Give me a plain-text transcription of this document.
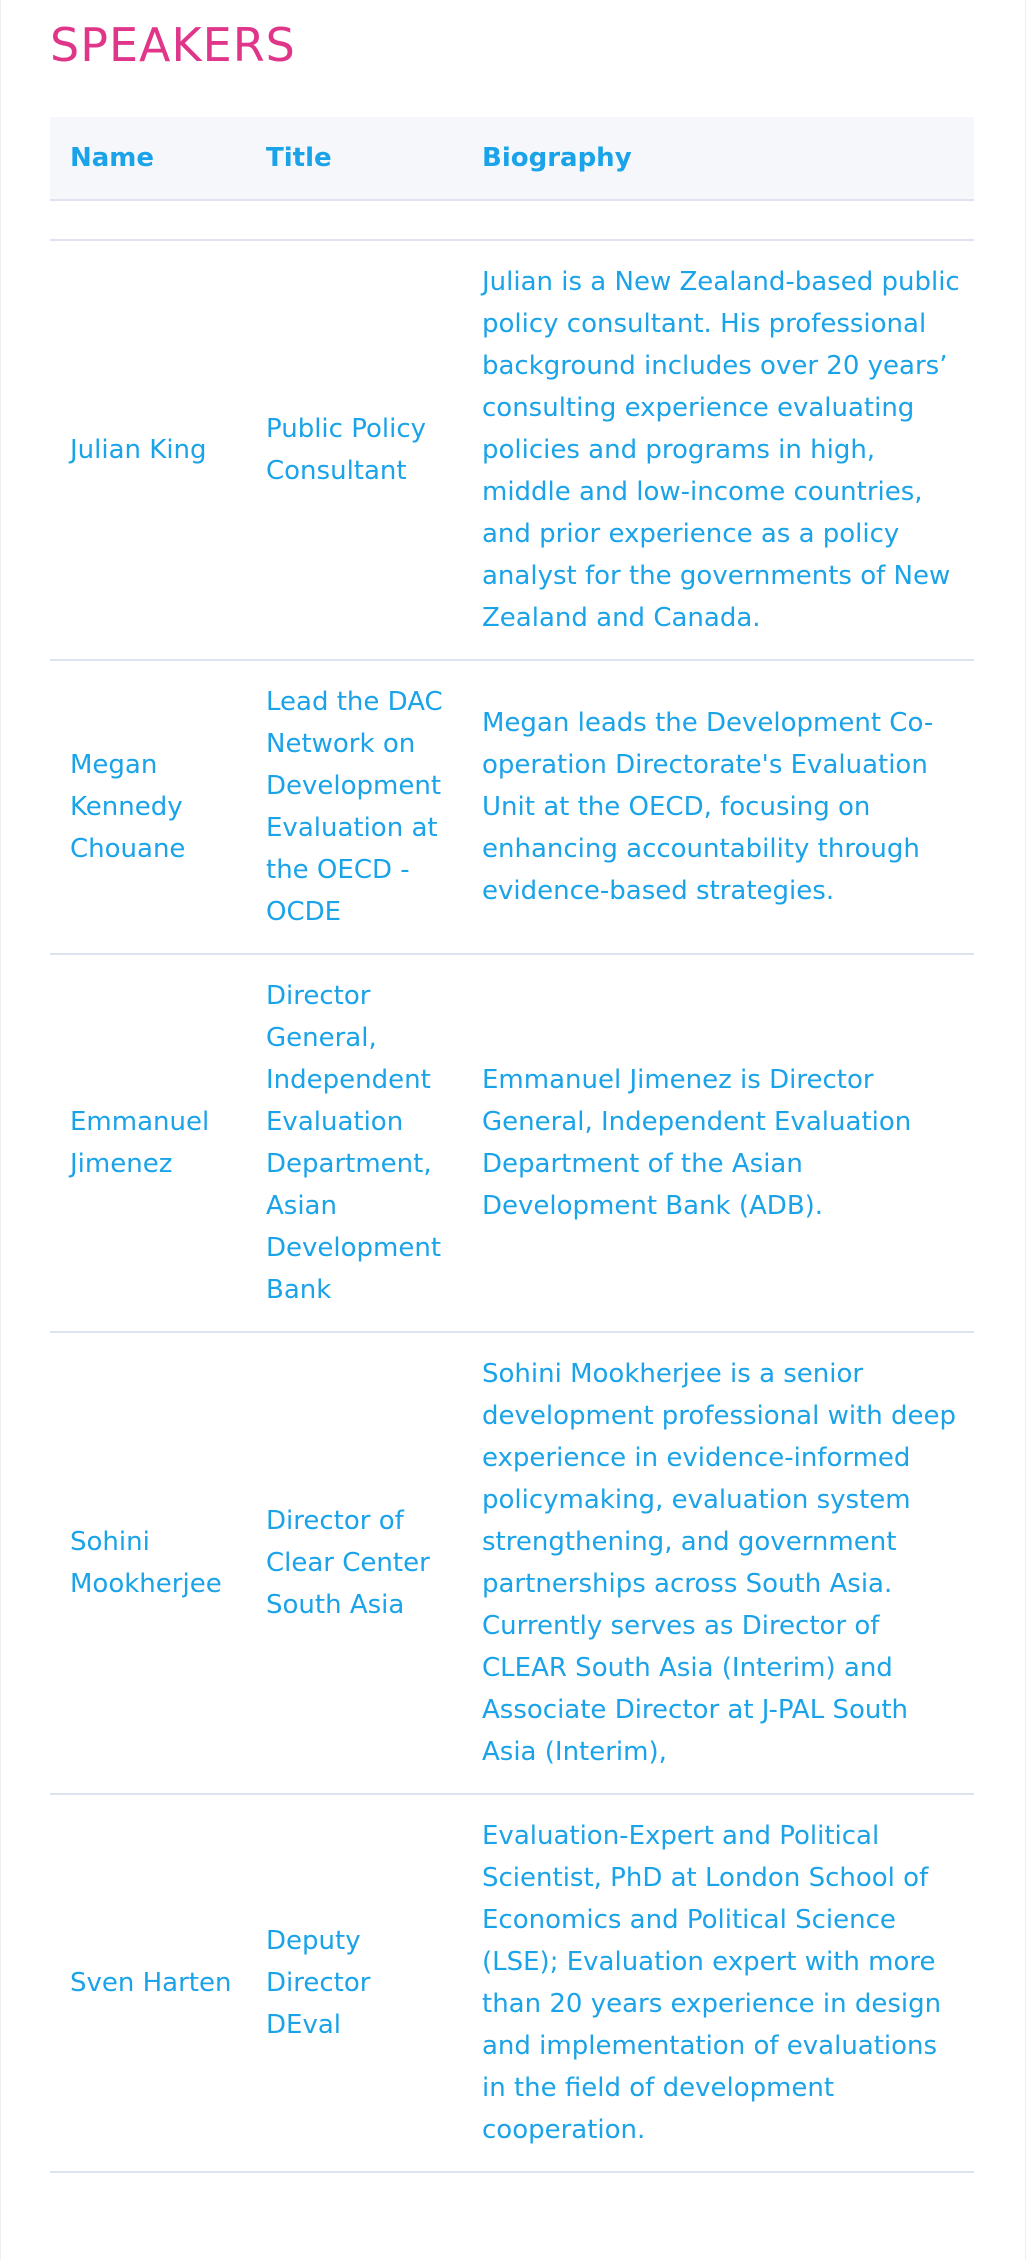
SPEAKERS
Name	Title	Biography

Julian King	Public Policy Consultant	Julian is a New Zealand-based public policy consultant. His professional background includes over 20 years’ consulting experience evaluating policies and programs in high, middle and low-income countries, and prior experience as a policy analyst for the governments of New Zealand and Canada.
Megan Kennedy Chouane	Lead the DAC Network on Development Evaluation at the OECD - OCDE	Megan leads the Development Co-operation Directorate's Evaluation Unit at the OECD, focusing on enhancing accountability through evidence-based strategies.
Emmanuel Jimenez	Director General, Independent Evaluation Department, Asian Development Bank	Emmanuel Jimenez is Director General, Independent Evaluation Department of the Asian Development Bank (ADB).
Sohini Mookherjee	Director of Clear Center South Asia	Sohini Mookherjee is a senior development professional with deep experience in evidence-informed policymaking, evaluation system strengthening, and government partnerships across South Asia. Currently serves as Director of CLEAR South Asia (Interim) and Associate Director at J-PAL South Asia (Interim),
Sven Harten	Deputy Director DEval	Evaluation-Expert and Political Scientist, PhD at London School of Economics and Political Science (LSE); Evaluation expert with more than 20 years experience in design and implementation of evaluations in the field of development cooperation.
